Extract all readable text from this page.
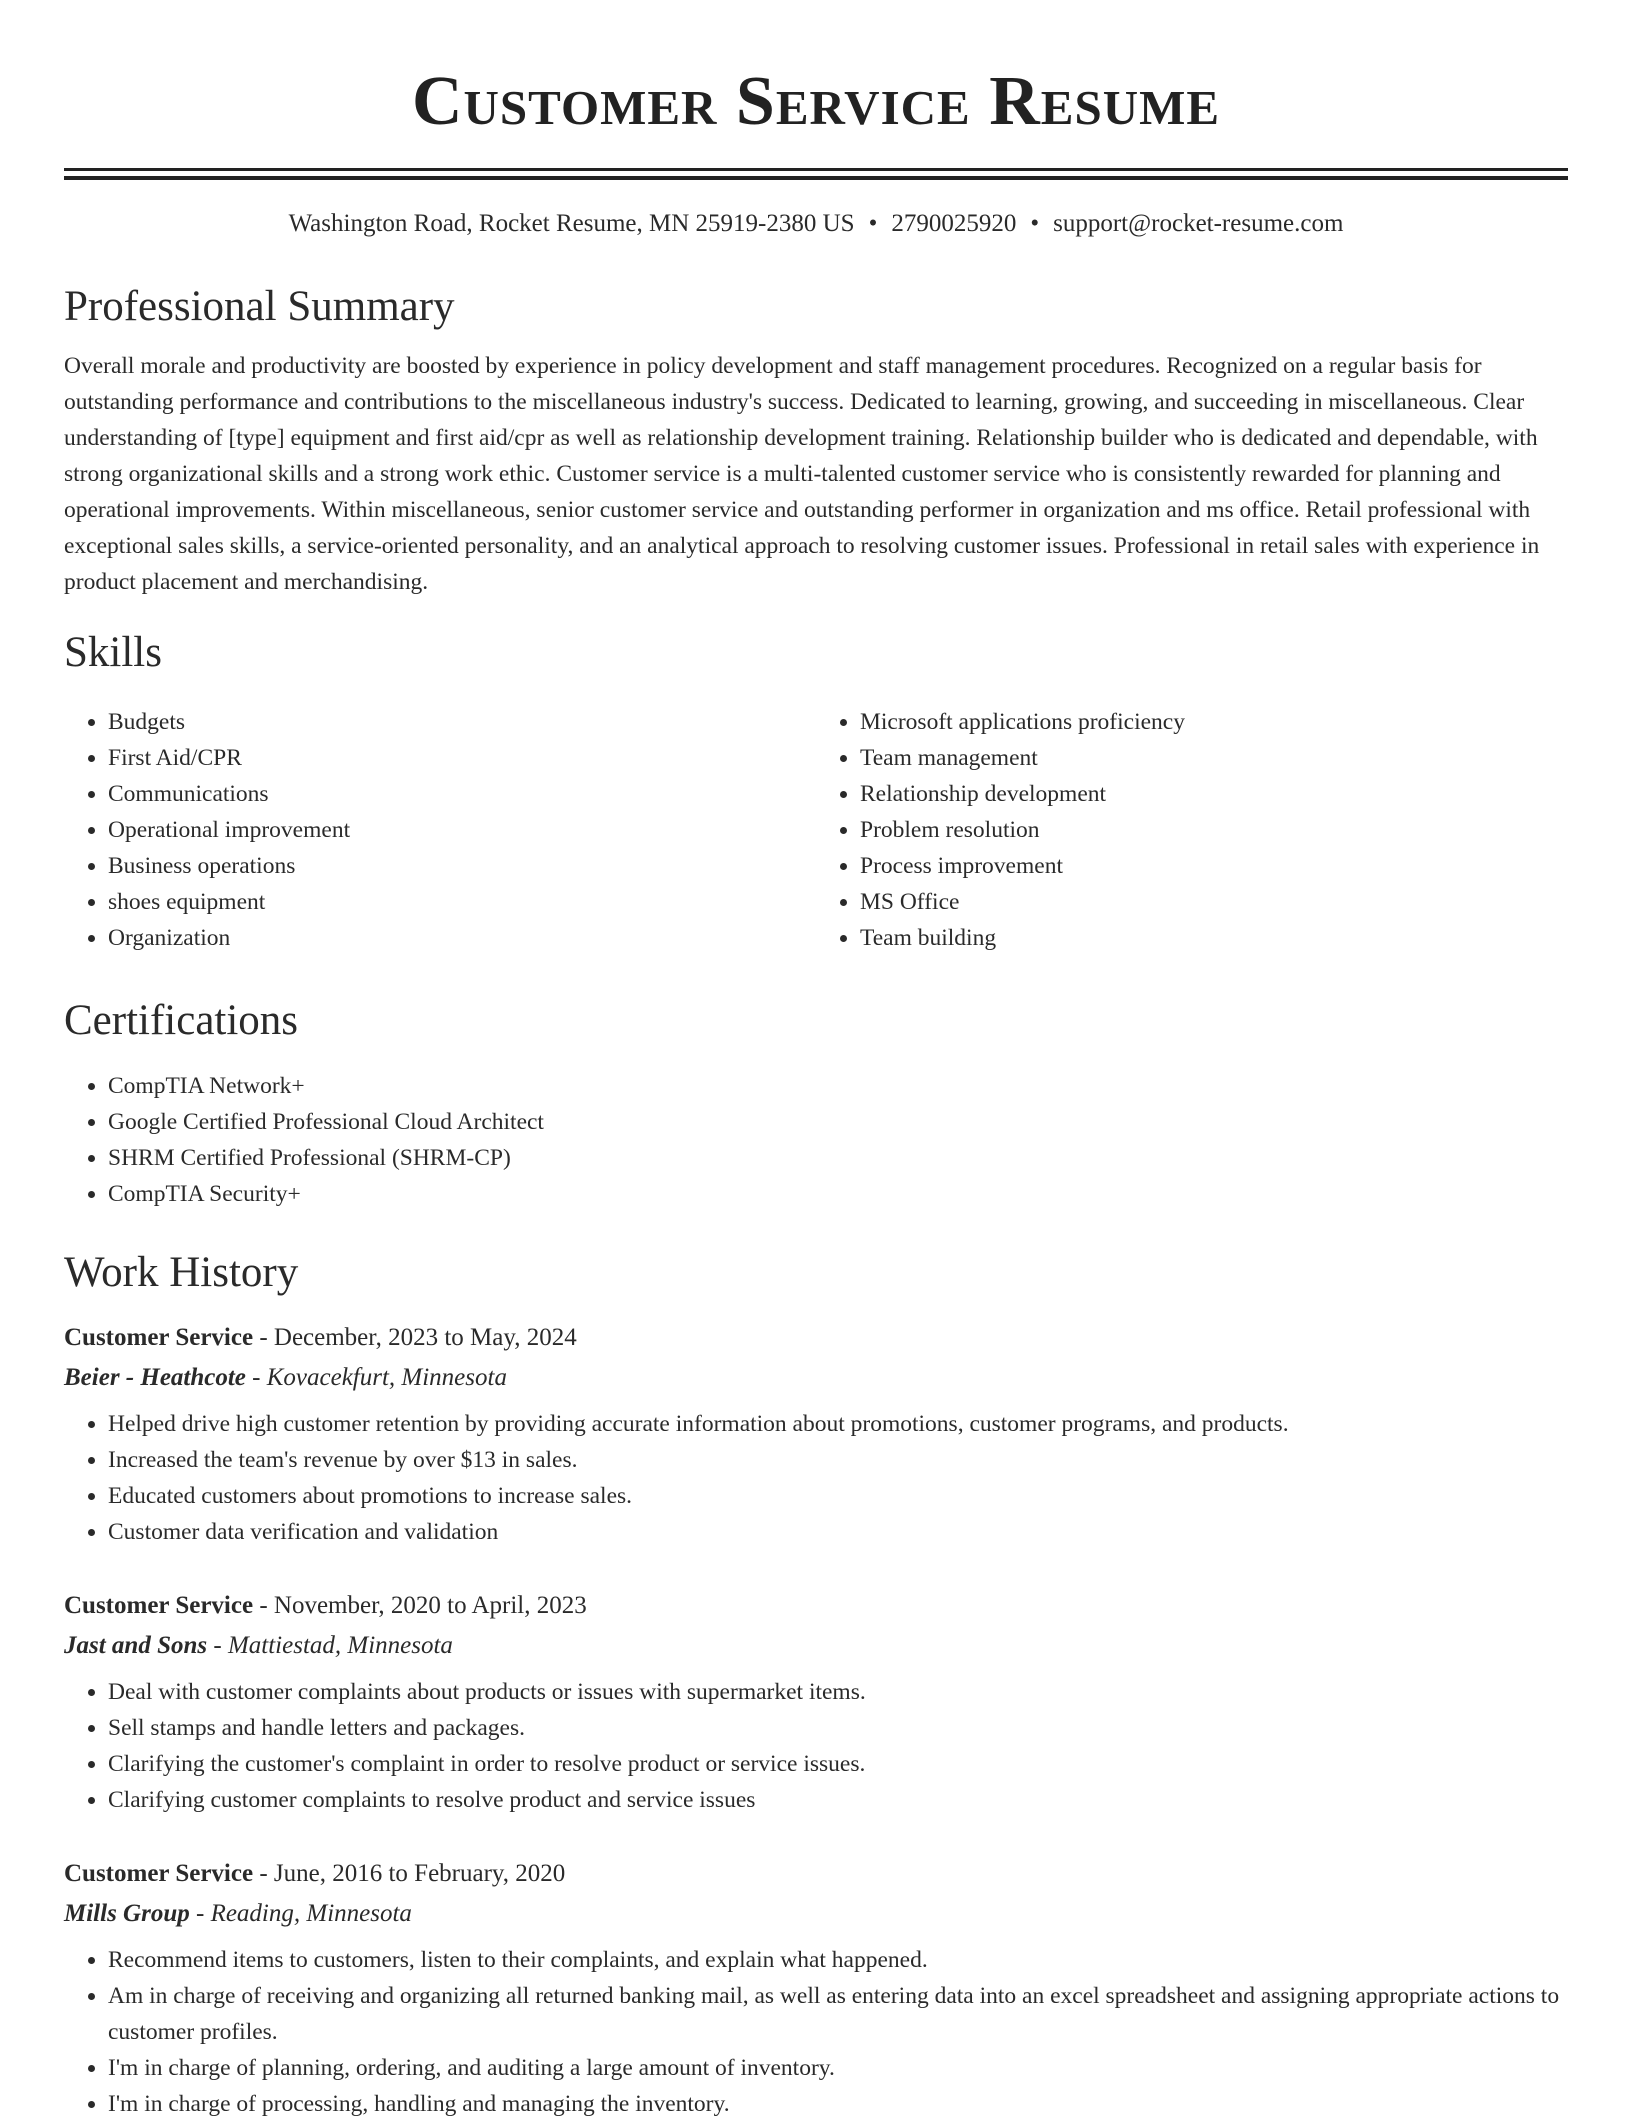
Customer Service Resume
Washington Road, Rocket Resume, MN 25919-2380 US • 2790025920 • support@rocket-resume.com
Professional Summary
Overall morale and productivity are boosted by experience in policy development and staff management procedures. Recognized on a regular basis for outstanding performance and contributions to the miscellaneous industry's success. Dedicated to learning, growing, and succeeding in miscellaneous. Clear understanding of [type] equipment and first aid/cpr as well as relationship development training. Relationship builder who is dedicated and dependable, with strong organizational skills and a strong work ethic. Customer service is a multi-talented customer service who is consistently rewarded for planning and operational improvements. Within miscellaneous, senior customer service and outstanding performer in organization and ms office. Retail professional with exceptional sales skills, a service-oriented personality, and an analytical approach to resolving customer issues. Professional in retail sales with experience in product placement and merchandising.
Skills
• Budgets
• First Aid/CPR
• Communications
• Operational improvement
• Business operations
• shoes equipment
• Organization
• Microsoft applications proficiency
• Team management
• Relationship development
• Problem resolution
• Process improvement
• MS Office
• Team building
Certifications
• CompTIA Network+
• Google Certified Professional Cloud Architect
• SHRM Certified Professional (SHRM-CP)
• CompTIA Security+
Work History
Customer Service - December, 2023 to May, 2024
Beier - Heathcote - Kovacekfurt, Minnesota
• Helped drive high customer retention by providing accurate information about promotions, customer programs, and products.
• Increased the team's revenue by over $13 in sales.
• Educated customers about promotions to increase sales.
• Customer data verification and validation
Customer Service - November, 2020 to April, 2023
Jast and Sons - Mattiestad, Minnesota
• Deal with customer complaints about products or issues with supermarket items.
• Sell stamps and handle letters and packages.
• Clarifying the customer's complaint in order to resolve product or service issues.
• Clarifying customer complaints to resolve product and service issues
Customer Service - June, 2016 to February, 2020
Mills Group - Reading, Minnesota
• Recommend items to customers, listen to their complaints, and explain what happened.
• Am in charge of receiving and organizing all returned banking mail, as well as entering data into an excel spreadsheet and assigning appropriate actions to customer profiles.
• I'm in charge of planning, ordering, and auditing a large amount of inventory.
• I'm in charge of processing, handling and managing the inventory.
